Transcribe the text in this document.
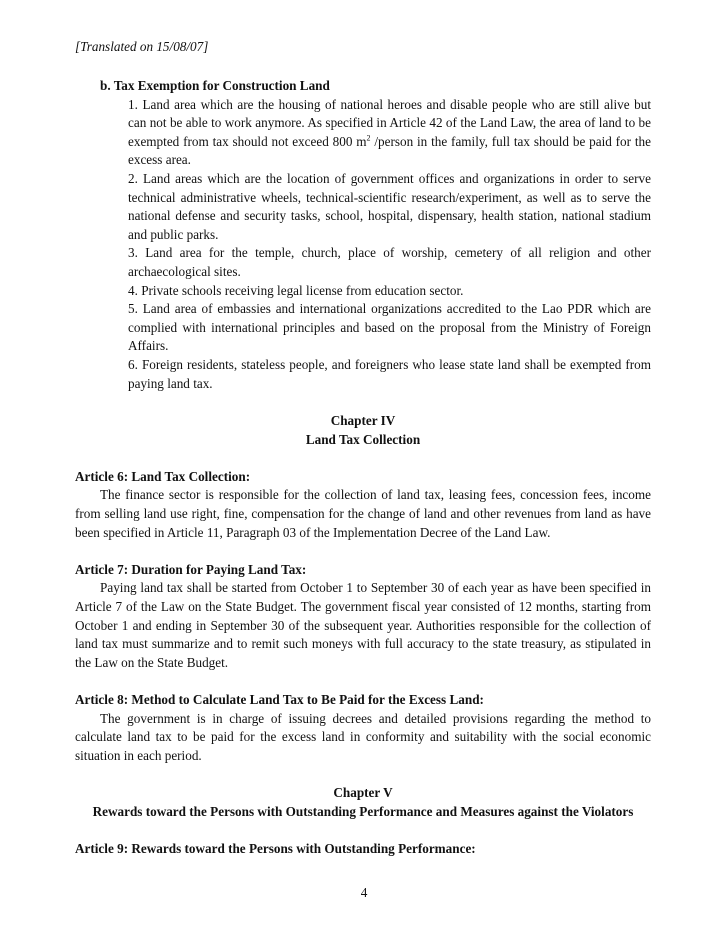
[Translated on 15/08/07]

b. Tax Exemption for Construction Land

1. Land area which are the housing of national heroes and disable people who are still alive but can not be able to work anymore. As specified in Article 42 of the Land Law, the area of land to be exempted from tax should not exceed 800 $m^2$ /person in the family, full tax should be paid for the excess area.
2. Land areas which are the location of government offices and organizations in order to serve technical administrative wheels, technical-scientific research/experiment, as well as to serve the national defense and security tasks, school, hospital, dispensary, health station, national stadium and public parks.
3. Land area for the temple, church, place of worship, cemetery of all religion and other archaecological sites.
4. Private schools receiving legal license from education sector.
5. Land area of embassies and international organizations accredited to the Lao PDR which are complied with international principles and based on the proposal from the Ministry of Foreign Affairs.
6. Foreign residents, stateless people, and foreigners who lease state land shall be exempted from paying land tax.

Chapter IV

Land Tax Collection

Article 6: Land Tax Collection:

The finance sector is responsible for the collection of land tax, leasing fees, concession fees, income from selling land use right, fine, compensation for the change of land and other revenues from land as have been specified in Article 11, Paragraph 03 of the Implementation Decree of the Land Law.

Article 7: Duration for Paying Land Tax:

Paying land tax shall be started from October 1 to September 30 of each year as have been specified in Article 7 of the Law on the State Budget. The government fiscal year consisted of 12 months, starting from October 1 and ending in September 30 of the subsequent year. Authorities responsible for the collection of land tax must summarize and to remit such moneys with full accuracy to the state treasury, as stipulated in the Law on the State Budget.

Article 8: Method to Calculate Land Tax to Be Paid for the Excess Land:

The government is in charge of issuing decrees and detailed provisions regarding the method to calculate land tax to be paid for the excess land in conformity and suitability with the social economic situation in each period.

Chapter V

Rewards toward the Persons with Outstanding Performance and Measures against the Violators

Article 9: Rewards toward the Persons with Outstanding Performance:

4
